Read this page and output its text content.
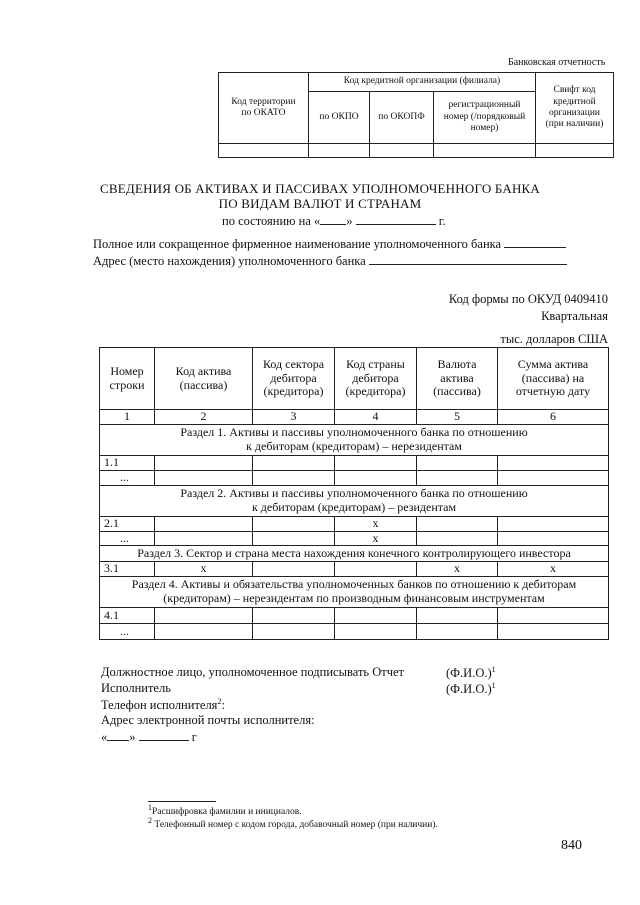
Банковская отчетность
Код территории по ОКАТО	Код кредитной организации (филиала)			Свифт код кредитной организации (при наличии)
	по ОКПО	по ОКОПФ	регистрационный номер (/порядковый номер)	

СВЕДЕНИЯ ОБ АКТИВАХ И ПАССИВАХ УПОЛНОМОЧЕННОГО БАНКА
ПО ВИДАМ ВАЛЮТ И СТРАНАМ
по состоянию на « »	г.
Полное или сокращенное фирменное наименование уполномоченного банка
Адрес (место нахождения) уполномоченного банка
Код формы по ОКУД 0409410
Квартальная
тыс. долларов США
Номер строки	Код актива (пассива)	Код сектора дебитора (кредитора)	Код страны дебитора (кредитора)	Валюта актива (пассива)	Сумма актива (пассива) на отчетную дату
1	2	3	4	5	6

Раздел 1. Активы и пассивы уполномоченного банка по отношению
к дебиторам (кредиторам) – нерезидентам					

1.1					
...					

Раздел 2. Активы и пассивы уполномоченного банка по отношению
к дебиторам (кредиторам) – резидентам					

2.1			x		
...			x		
Раздел 3. Сектор и страна места нахождения конечного контролирующего инвестора					
3.1	x			x	x

Раздел 4. Активы и обязательства уполномоченных банков по отношению к дебиторам
(кредиторам) – нерезидентам по производным финансовым инструментам					

4.1					
...					
Должностное лицо, уполномоченное подписывать Отчет	$(Ф.И.О.)^1$
Исполнитель	$(Ф.И.О.)^1$
Телефон исполнителя$^2$:
Адрес электронной почты исполнителя:
« »	г
$^1$Расшифровка фамилии и инициалов.
$^2$ Телефонный номер с кодом города, добавочный номер (при наличии).
840
